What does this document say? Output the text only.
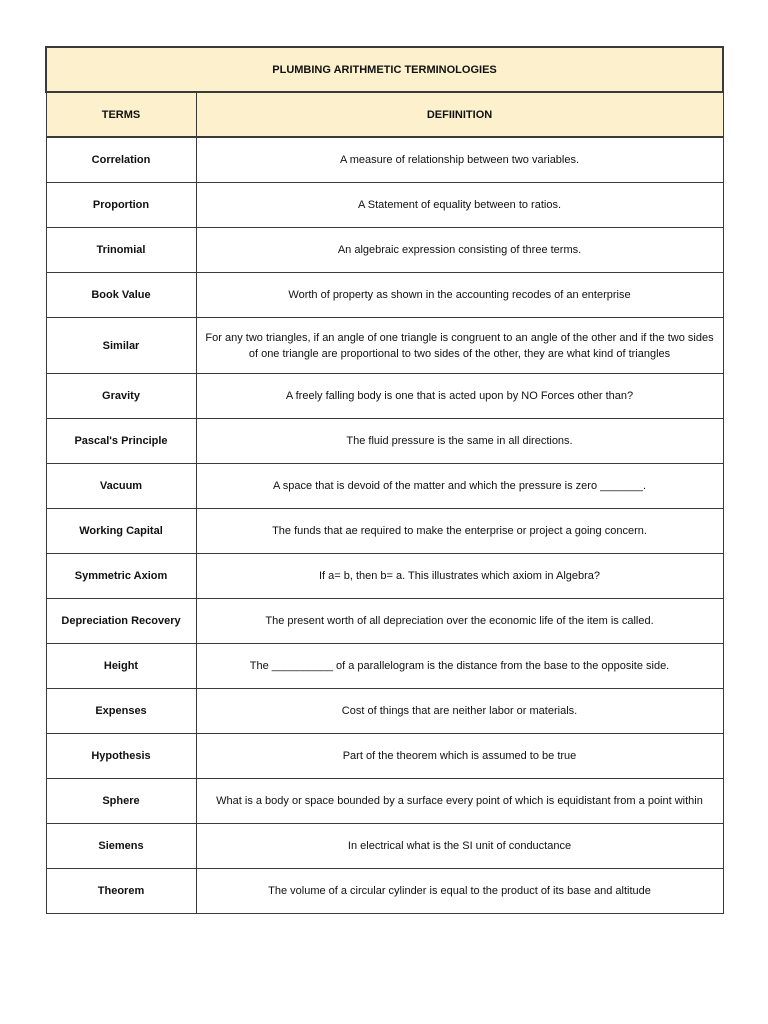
PLUMBING ARITHMETIC TERMINOLOGIES	
TERMS	DEFIINITION
Correlation	A measure of relationship between two variables.
Proportion	A Statement of equality between to ratios.
Trinomial	An algebraic expression consisting of three terms.
Book Value	Worth of property as shown in the accounting recodes of an enterprise
Similar	For any two triangles, if an angle of one triangle is congruent to an angle of the other and if the two sides of one triangle are proportional to two sides of the other, they are what kind of triangles
Gravity	A freely falling body is one that is acted upon by NO Forces other than?
Pascal's Principle	The fluid pressure is the same in all directions.
Vacuum	A space that is devoid of the matter and which the pressure is zero _______.
Working Capital	The funds that ae required to make the enterprise or project a going concern.
Symmetric Axiom	If a= b, then b= a. This illustrates which axiom in Algebra?
Depreciation Recovery	The present worth of all depreciation over the economic life of the item is called.
Height	The __________ of a parallelogram is the distance from the base to the opposite side.
Expenses	Cost of things that are neither labor or materials.
Hypothesis	Part of the theorem which is assumed to be true
Sphere	What is a body or space bounded by a surface every point of which is equidistant from a point within
Siemens	In electrical what is the SI unit of conductance
Theorem	The volume of a circular cylinder is equal to the product of its base and altitude
